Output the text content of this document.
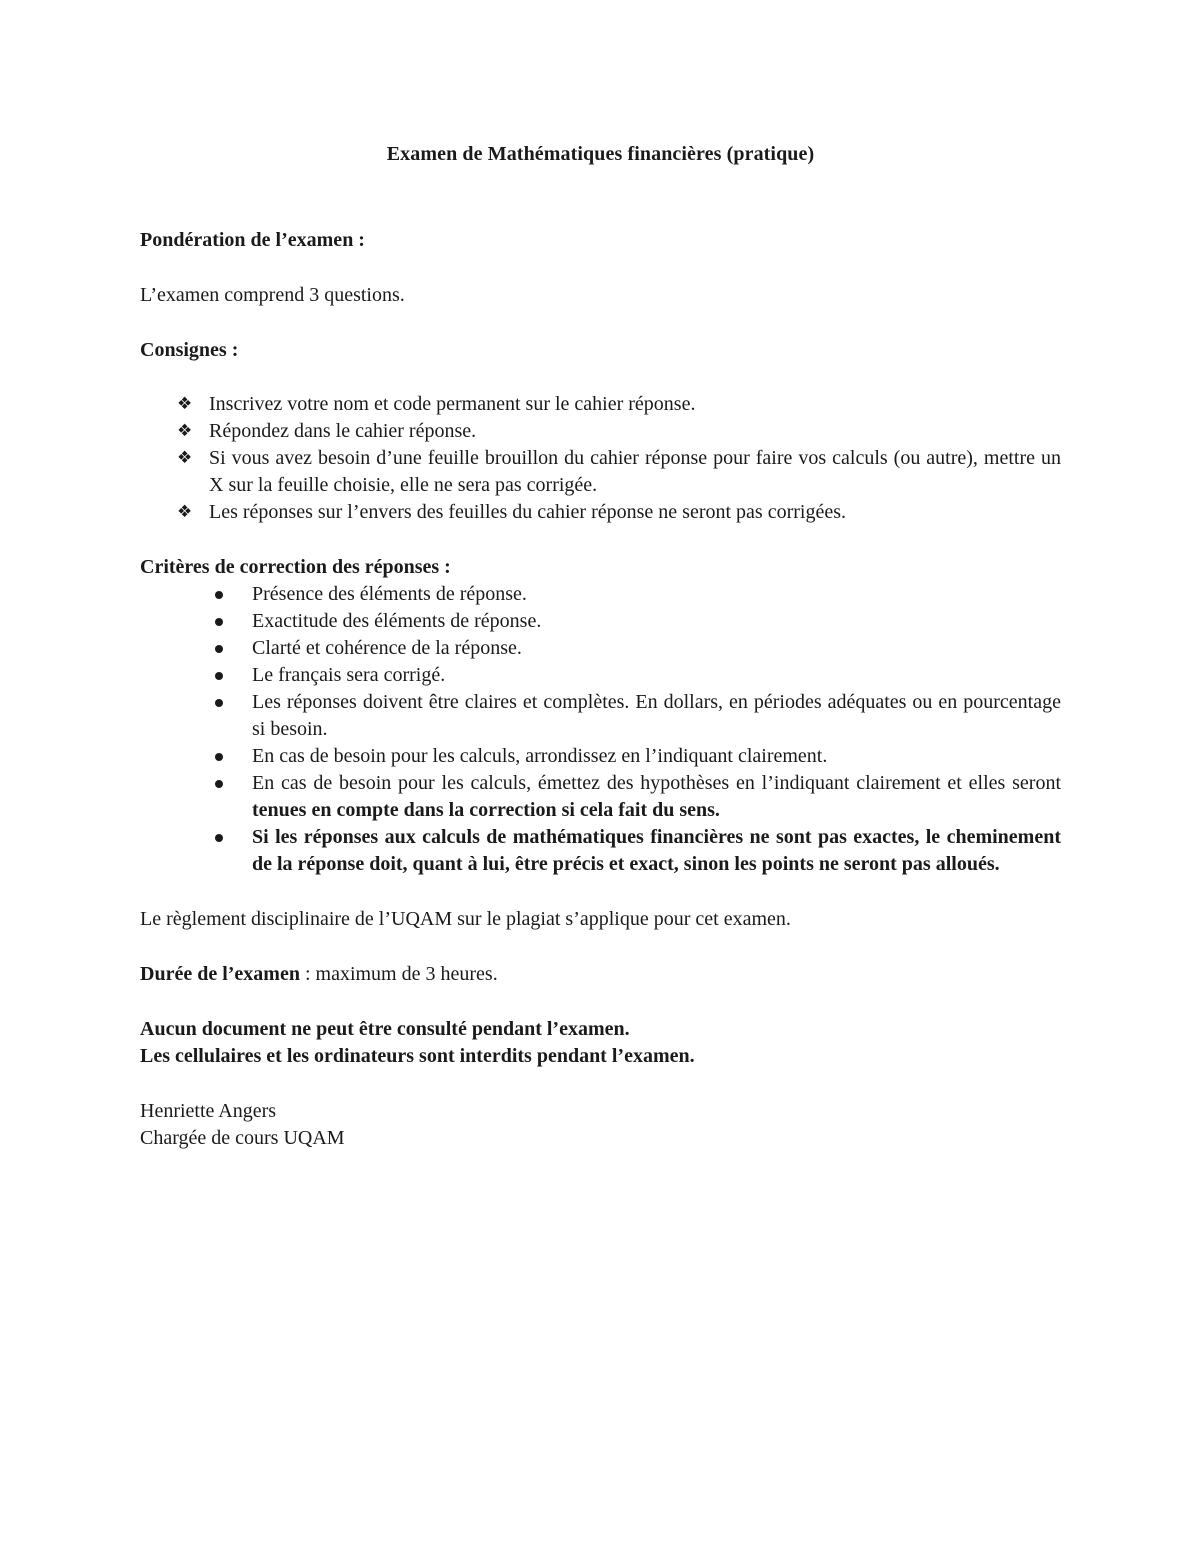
Examen de Mathématiques financières (pratique)

Pondération de l’examen :

L’examen comprend 3 questions.

Consignes :

❖ Inscrivez votre nom et code permanent sur le cahier réponse.
❖ Répondez dans le cahier réponse.
❖ Si vous avez besoin d’une feuille brouillon du cahier réponse pour faire vos calculs (ou autre), mettre un X sur la feuille choisie, elle ne sera pas corrigée.
❖ Les réponses sur l’envers des feuilles du cahier réponse ne seront pas corrigées.

Critères de correction des réponses :

Présence des éléments de réponse.
Exactitude des éléments de réponse.
Clarté et cohérence de la réponse.
Le français sera corrigé.
Les réponses doivent être claires et complètes. En dollars, en périodes adéquates ou en pourcentage si besoin.
En cas de besoin pour les calculs, arrondissez en l’indiquant clairement.
En cas de besoin pour les calculs, émettez des hypothèses en l’indiquant clairement et elles seront tenues en compte dans la correction si cela fait du sens.
Si les réponses aux calculs de mathématiques financières ne sont pas exactes, le cheminement de la réponse doit, quant à lui, être précis et exact, sinon les points ne seront pas alloués.

Le règlement disciplinaire de l’UQAM sur le plagiat s’applique pour cet examen.

Durée de l’examen : maximum de 3 heures.

Aucun document ne peut être consulté pendant l’examen.

Les cellulaires et les ordinateurs sont interdits pendant l’examen.

Henriette Angers

Chargée de cours UQAM
